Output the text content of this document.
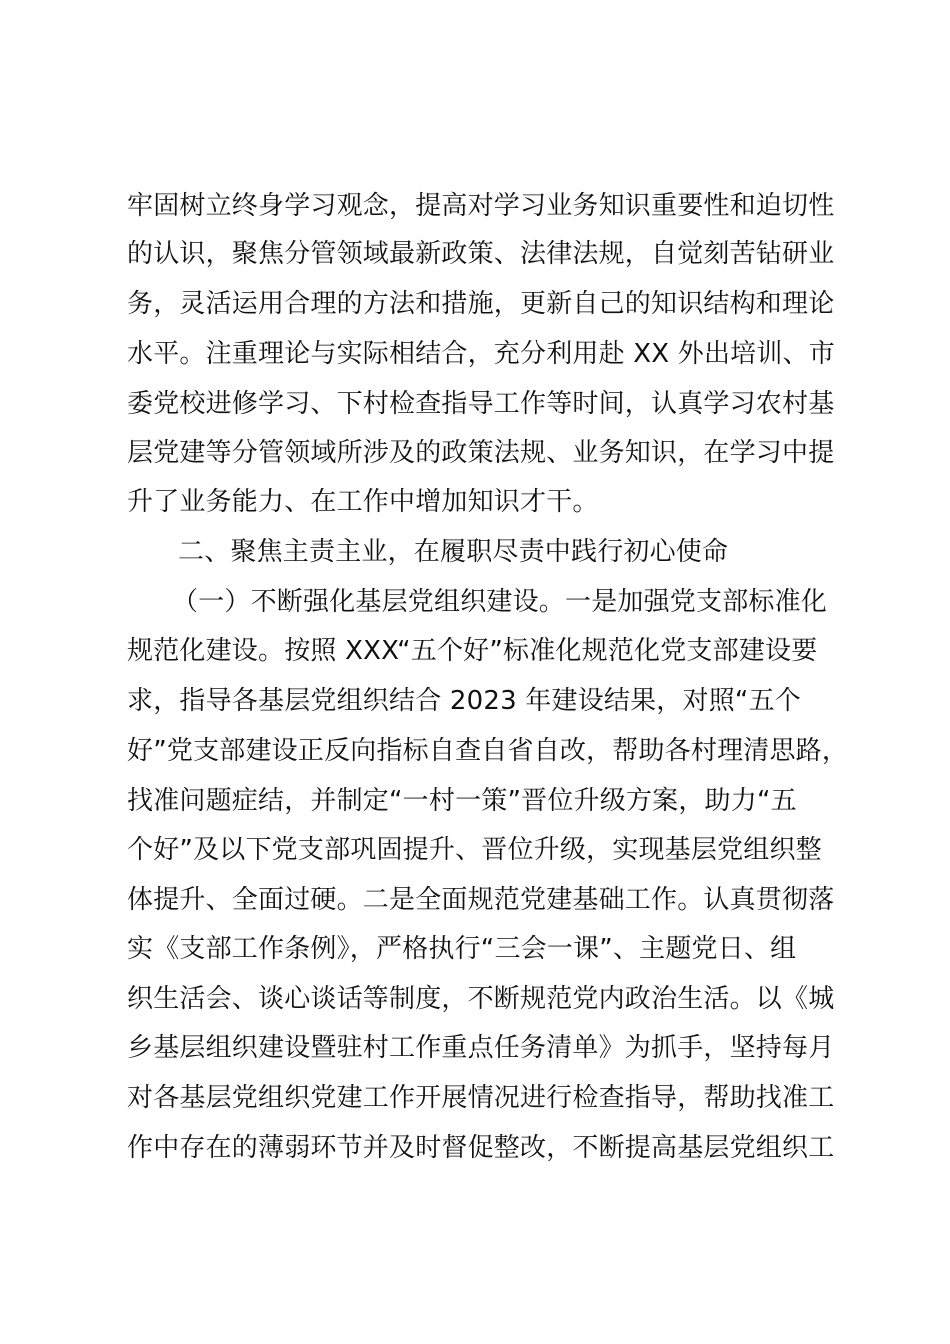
牢固树立终身学习观念，提高对学习业务知识重要性和迫切性
的认识，聚焦分管领域最新政策、法律法规，自觉刻苦钻研业
务，灵活运用合理的方法和措施，更新自己的知识结构和理论
水平。注重理论与实际相结合，充分利用赴 XX 外出培训、市
委党校进修学习、下村检查指导工作等时间，认真学习农村基
层党建等分管领域所涉及的政策法规、业务知识，在学习中提
升了业务能力、在工作中增加知识才干。
二、聚焦主责主业，在履职尽责中践行初心使命
（一）不断强化基层党组织建设。一是加强党支部标准化
规范化建设。按照 XXX“五个好”标准化规范化党支部建设要
求，指导各基层党组织结合 2023 年建设结果，对照“五个
好”党支部建设正反向指标自查自省自改，帮助各村理清思路，
找准问题症结，并制定“一村一策”晋位升级方案，助力“五
个好”及以下党支部巩固提升、晋位升级，实现基层党组织整
体提升、全面过硬。二是全面规范党建基础工作。认真贯彻落
实《支部工作条例》，严格执行“三会一课”、主题党日、组
织生活会、谈心谈话等制度，不断规范党内政治生活。以《城
乡基层组织建设暨驻村工作重点任务清单》为抓手，坚持每月
对各基层党组织党建工作开展情况进行检查指导，帮助找准工
作中存在的薄弱环节并及时督促整改，不断提高基层党组织工
